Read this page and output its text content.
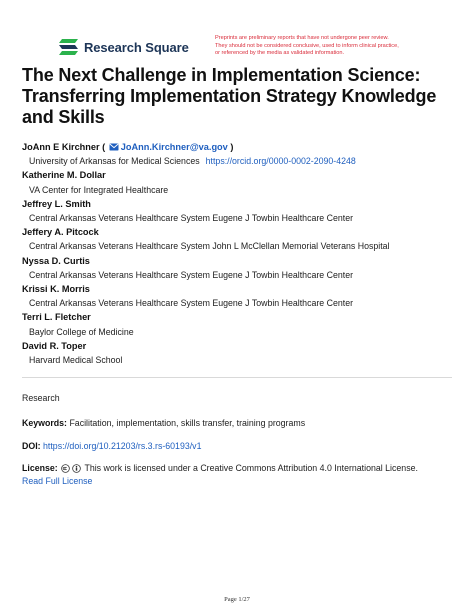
Research Square
Preprints are preliminary reports that have not undergone peer review.
They should not be considered conclusive, used to inform clinical practice,
or referenced by the media as validated information.
The Next Challenge in Implementation Science:
Transferring Implementation Strategy Knowledge
and Skills
JoAnn E Kirchner ( JoAnn.Kirchner@va.gov )
University of Arkansas for Medical Sciences https://orcid.org/0000-0002-2090-4248
Katherine M. Dollar
VA Center for Integrated Healthcare
Jeffrey L. Smith
Central Arkansas Veterans Healthcare System Eugene J Towbin Healthcare Center
Jeffery A. Pitcock
Central Arkansas Veterans Healthcare System John L McClellan Memorial Veterans Hospital
Nyssa D. Curtis
Central Arkansas Veterans Healthcare System Eugene J Towbin Healthcare Center
Krissi K. Morris
Central Arkansas Veterans Healthcare System Eugene J Towbin Healthcare Center
Terri L. Fletcher
Baylor College of Medicine
David R. Toper
Harvard Medical School
Research
Keywords: Facilitation, implementation, skills transfer, training programs
DOI: https://doi.org/10.21203/rs.3.rs-60193/v1
License:	This work is licensed under a Creative Commons Attribution 4.0 International License.
Read Full License
Page 1/27
